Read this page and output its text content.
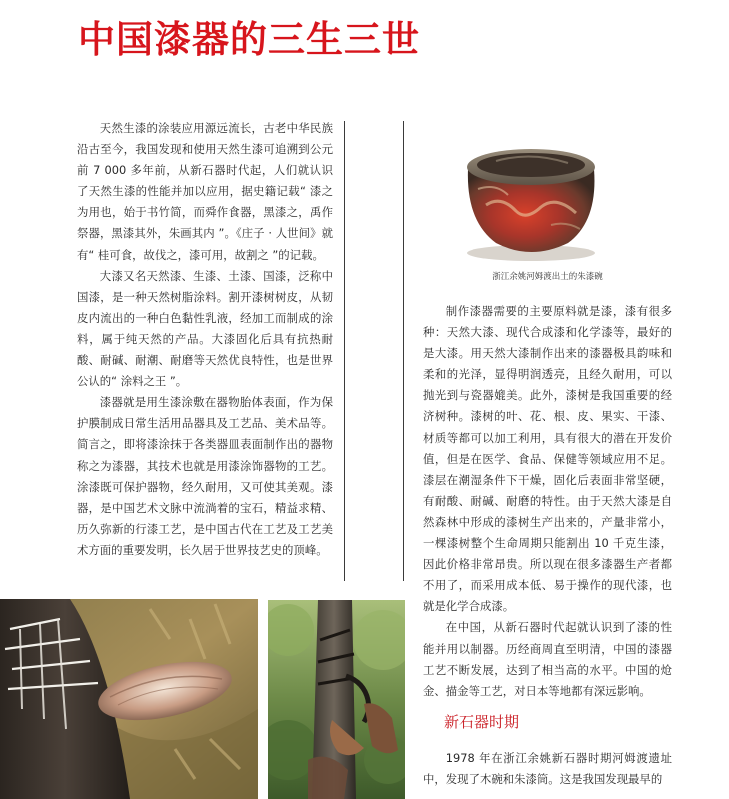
中国漆器的三生三世

天然生漆的涂装应用源远流长，古老中华民族沿古至今，我国发现和使用天然生漆可追溯到公元前 7 000 多年前，从新石器时代起，人们就认识了天然生漆的性能并加以应用，据史籍记载“ 漆之为用也，始于书竹简，而舜作食器，黑漆之，禹作祭器，黑漆其外，朱画其内 ”。《庄子 · 人世间》就有“ 桂可食，故伐之，漆可用，故割之 ”的记载。

大漆又名天然漆、生漆、土漆、国漆，泛称中国漆，是一种天然树脂涂料。割开漆树树皮，从韧皮内流出的一种白色黏性乳液，经加工而制成的涂料，属于纯天然的产品。大漆固化后具有抗热耐酸、耐碱、耐潮、耐磨等天然优良特性，也是世界公认的“ 涂料之王 ”。

漆器就是用生漆涂敷在器物胎体表面，作为保护膜制成日常生活用品器具及工艺品、美术品等。简言之，即将漆涂抹于各类器皿表面制作出的器物称之为漆器，其技术也就是用漆涂饰器物的工艺。涂漆既可保护器物，经久耐用，又可使其美观。漆器，是中国艺术文脉中流淌着的宝石，精益求精、历久弥新的行漆工艺，是中国古代在工艺及工艺美术方面的重要发明，长久居于世界技艺史的顶峰。

浙江余姚河姆渡出土的朱漆碗

制作漆器需要的主要原料就是漆，漆有很多种：天然大漆、现代合成漆和化学漆等，最好的是大漆。用天然大漆制作出来的漆器极具韵味和柔和的光泽，显得明润透亮，且经久耐用，可以抛光到与瓷器媲美。此外，漆树是我国重要的经济树种。漆树的叶、花、根、皮、果实、干漆、材质等都可以加工利用，具有很大的潜在开发价值，但是在医学、食品、保健等领域应用不足。漆层在潮湿条件下干燥，固化后表面非常坚硬，有耐酸、耐碱、耐磨的特性。由于天然大漆是自然森林中形成的漆树生产出来的，产量非常小，一棵漆树整个生命周期只能割出 10 千克生漆，因此价格非常昂贵。所以现在很多漆器生产者都不用了，而采用成本低、易于操作的现代漆，也就是化学合成漆。

在中国，从新石器时代起就认识到了漆的性能并用以制器。历经商周直至明清，中国的漆器工艺不断发展，达到了相当高的水平。中国的炝金、描金等工艺，对日本等地都有深远影响。

新石器时期

1978 年在浙江余姚新石器时期河姆渡遗址中，发现了木碗和朱漆筒。这是我国发现最早的
